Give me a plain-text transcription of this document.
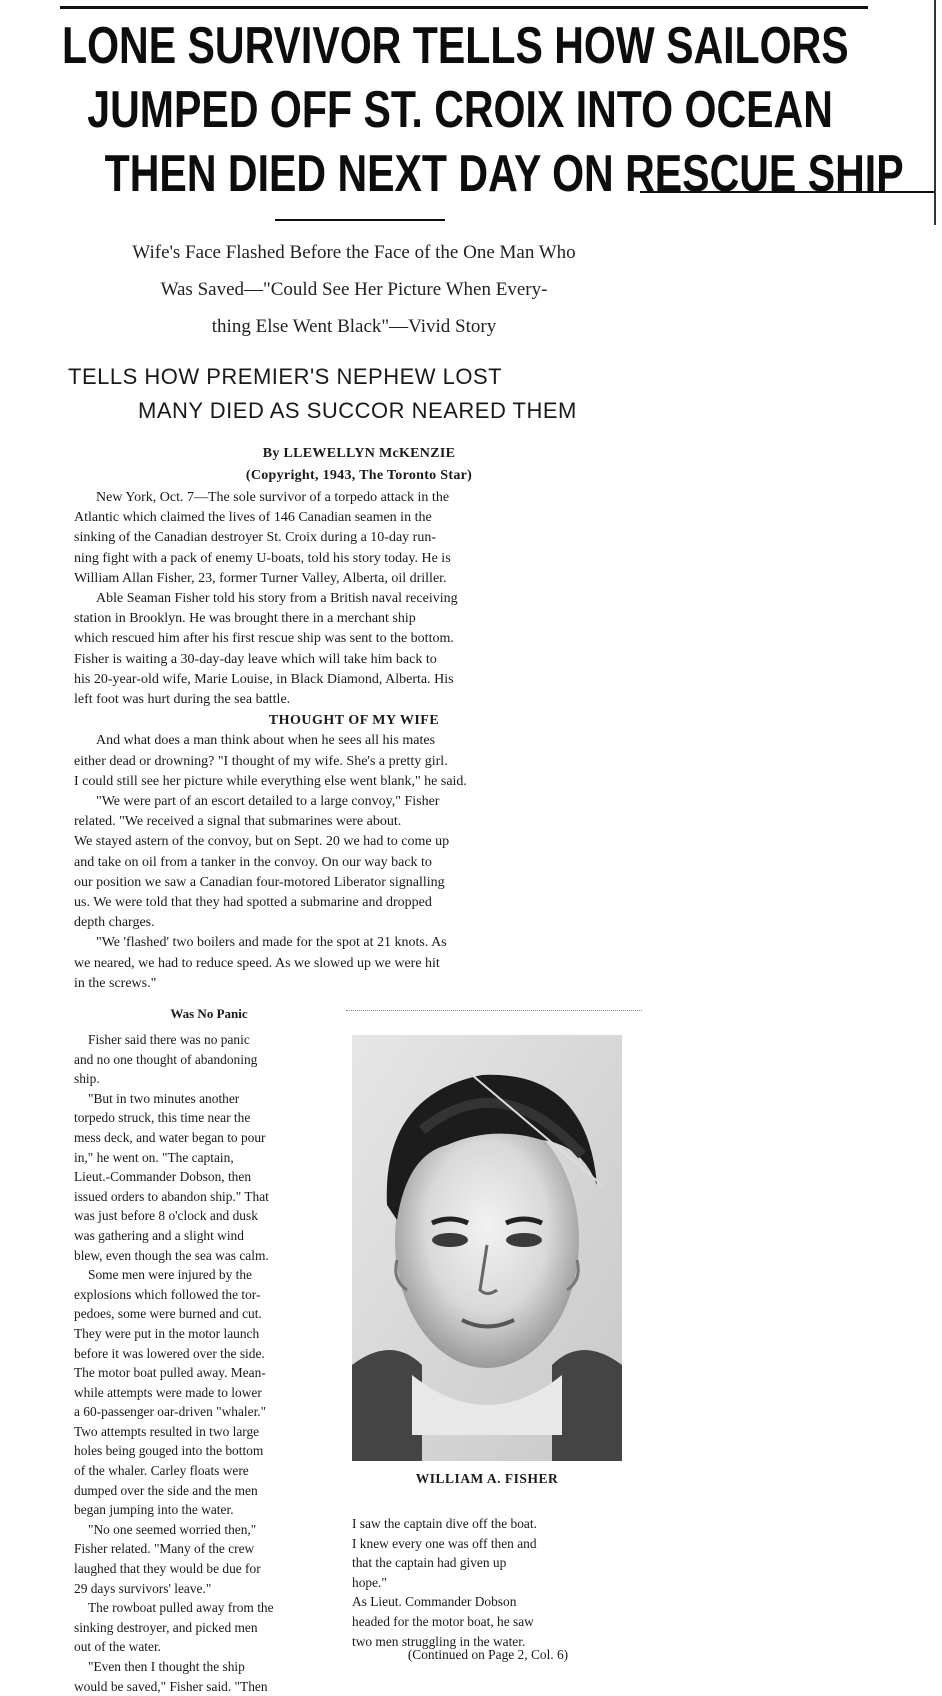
LONE SURVIVOR TELLS HOW SAILORS
JUMPED OFF ST. CROIX INTO OCEAN
THEN DIED NEXT DAY ON RESCUE SHIP
Wife's Face Flashed Before the Face of the One Man Who
Was Saved—"Could See Her Picture When Every-
thing Else Went Black"—Vivid Story
TELLS HOW PREMIER'S NEPHEW LOST
MANY DIED AS SUCCOR NEARED THEM
By LLEWELLYN McKENZIE
(Copyright, 1943, The Toronto Star)

New York, Oct. 7—The sole survivor of a torpedo attack in the
Atlantic which claimed the lives of 146 Canadian seamen in the
sinking of the Canadian destroyer St. Croix during a 10-day run-
ning fight with a pack of enemy U-boats, told his story today. He is
William Allan Fisher, 23, former Turner Valley, Alberta, oil driller.

Able Seaman Fisher told his story from a British naval receiving
station in Brooklyn. He was brought there in a merchant ship
which rescued him after his first rescue ship was sent to the bottom.
Fisher is waiting a 30-day-day leave which will take him back to
his 20-year-old wife, Marie Louise, in Black Diamond, Alberta. His
left foot was hurt during the sea battle.

THOUGHT OF MY WIFE

And what does a man think about when he sees all his mates
either dead or drowning? "I thought of my wife. She's a pretty girl.
I could still see her picture while everything else went blank," he said.

"We were part of an escort detailed to a large convoy," Fisher
related. "We received a signal that submarines were about.
We stayed astern of the convoy, but on Sept. 20 we had to come up
and take on oil from a tanker in the convoy. On our way back to
our position we saw a Canadian four-motored Liberator signalling
us. We were told that they had spotted a submarine and dropped
depth charges.

"We 'flashed' two boilers and made for the spot at 21 knots. As
we neared, we had to reduce speed. As we slowed up we were hit
in the screws."

Was No Panic
Fisher said there was no panic
and no one thought of abandoning
ship.
"But in two minutes another
torpedo struck, this time near the
mess deck, and water began to pour
in," he went on. "The captain,
Lieut.-Commander Dobson, then
issued orders to abandon ship." That
was just before 8 o'clock and dusk
was gathering and a slight wind
blew, even though the sea was calm.
Some men were injured by the
explosions which followed the tor-
pedoes, some were burned and cut.
They were put in the motor launch
before it was lowered over the side.
The motor boat pulled away. Mean-
while attempts were made to lower
a 60-passenger oar-driven "whaler."
Two attempts resulted in two large
holes being gouged into the bottom
of the whaler. Carley floats were
dumped over the side and the men
began jumping into the water.
"No one seemed worried then,"
Fisher related. "Many of the crew
laughed that they would be due for
29 days survivors' leave."
The rowboat pulled away from the
sinking destroyer, and picked men
out of the water.
"Even then I thought the ship
would be saved," Fisher said. "Then
WILLIAM A. FISHER
I saw the captain dive off the boat.
I knew every one was off then and
that the captain had given up
hope."
As Lieut. Commander Dobson
headed for the motor boat, he saw
two men struggling in the water.
(Continued on Page 2, Col. 6)
